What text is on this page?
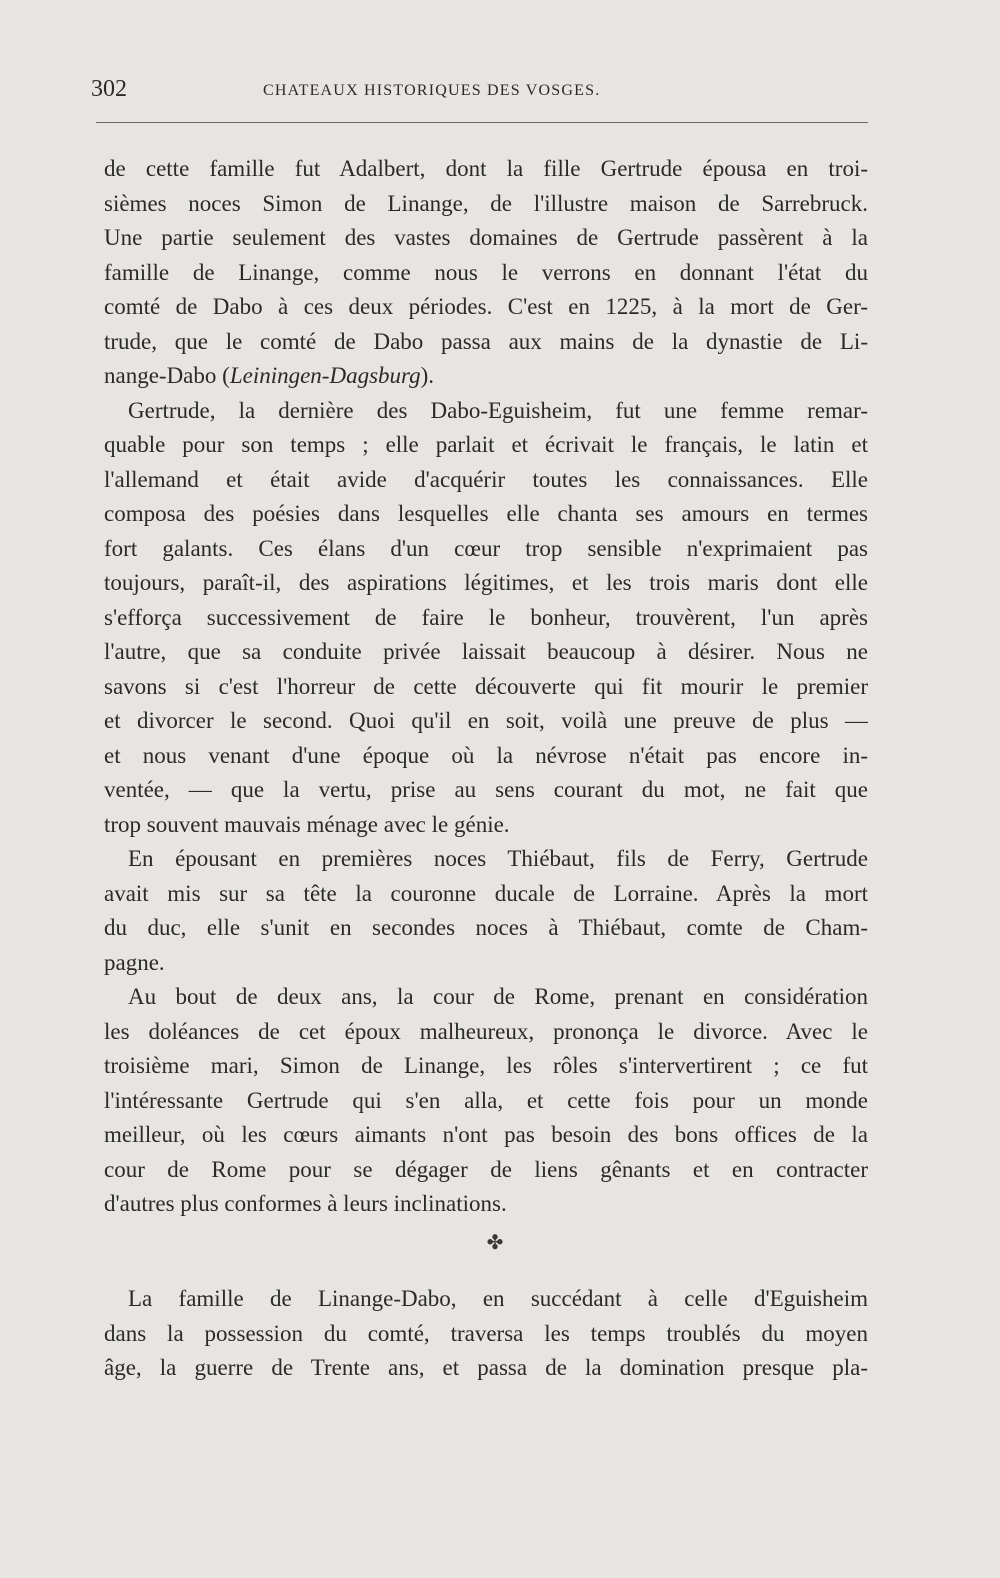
302	CHATEAUX HISTORIQUES DES VOSGES.
de cette famille fut Adalbert, dont la fille Gertrude épousa en troi-
sièmes noces Simon de Linange, de l'illustre maison de Sarrebruck.
Une partie seulement des vastes domaines de Gertrude passèrent à la
famille de Linange, comme nous le verrons en donnant l'état du
comté de Dabo à ces deux périodes. C'est en 1225, à la mort de Ger-
trude, que le comté de Dabo passa aux mains de la dynastie de Li-
nange-Dabo (Leiningen-Dagsburg).
Gertrude, la dernière des Dabo-Eguisheim, fut une femme remar-
quable pour son temps ; elle parlait et écrivait le français, le latin et
l'allemand et était avide d'acquérir toutes les connaissances. Elle
composa des poésies dans lesquelles elle chanta ses amours en termes
fort galants. Ces élans d'un cœur trop sensible n'exprimaient pas
toujours, paraît-il, des aspirations légitimes, et les trois maris dont elle
s'efforça successivement de faire le bonheur, trouvèrent, l'un après
l'autre, que sa conduite privée laissait beaucoup à désirer. Nous ne
savons si c'est l'horreur de cette découverte qui fit mourir le premier
et divorcer le second. Quoi qu'il en soit, voilà une preuve de plus —
et nous venant d'une époque où la névrose n'était pas encore in-
ventée, — que la vertu, prise au sens courant du mot, ne fait que
trop souvent mauvais ménage avec le génie.
En épousant en premières noces Thiébaut, fils de Ferry, Gertrude
avait mis sur sa tête la couronne ducale de Lorraine. Après la mort
du duc, elle s'unit en secondes noces à Thiébaut, comte de Cham-
pagne.
Au bout de deux ans, la cour de Rome, prenant en considération
les doléances de cet époux malheureux, prononça le divorce. Avec le
troisième mari, Simon de Linange, les rôles s'intervertirent ; ce fut
l'intéressante Gertrude qui s'en alla, et cette fois pour un monde
meilleur, où les cœurs aimants n'ont pas besoin des bons offices de la
cour de Rome pour se dégager de liens gênants et en contracter
d'autres plus conformes à leurs inclinations.
✤
La famille de Linange-Dabo, en succédant à celle d'Eguisheim
dans la possession du comté, traversa les temps troublés du moyen
âge, la guerre de Trente ans, et passa de la domination presque pla-
